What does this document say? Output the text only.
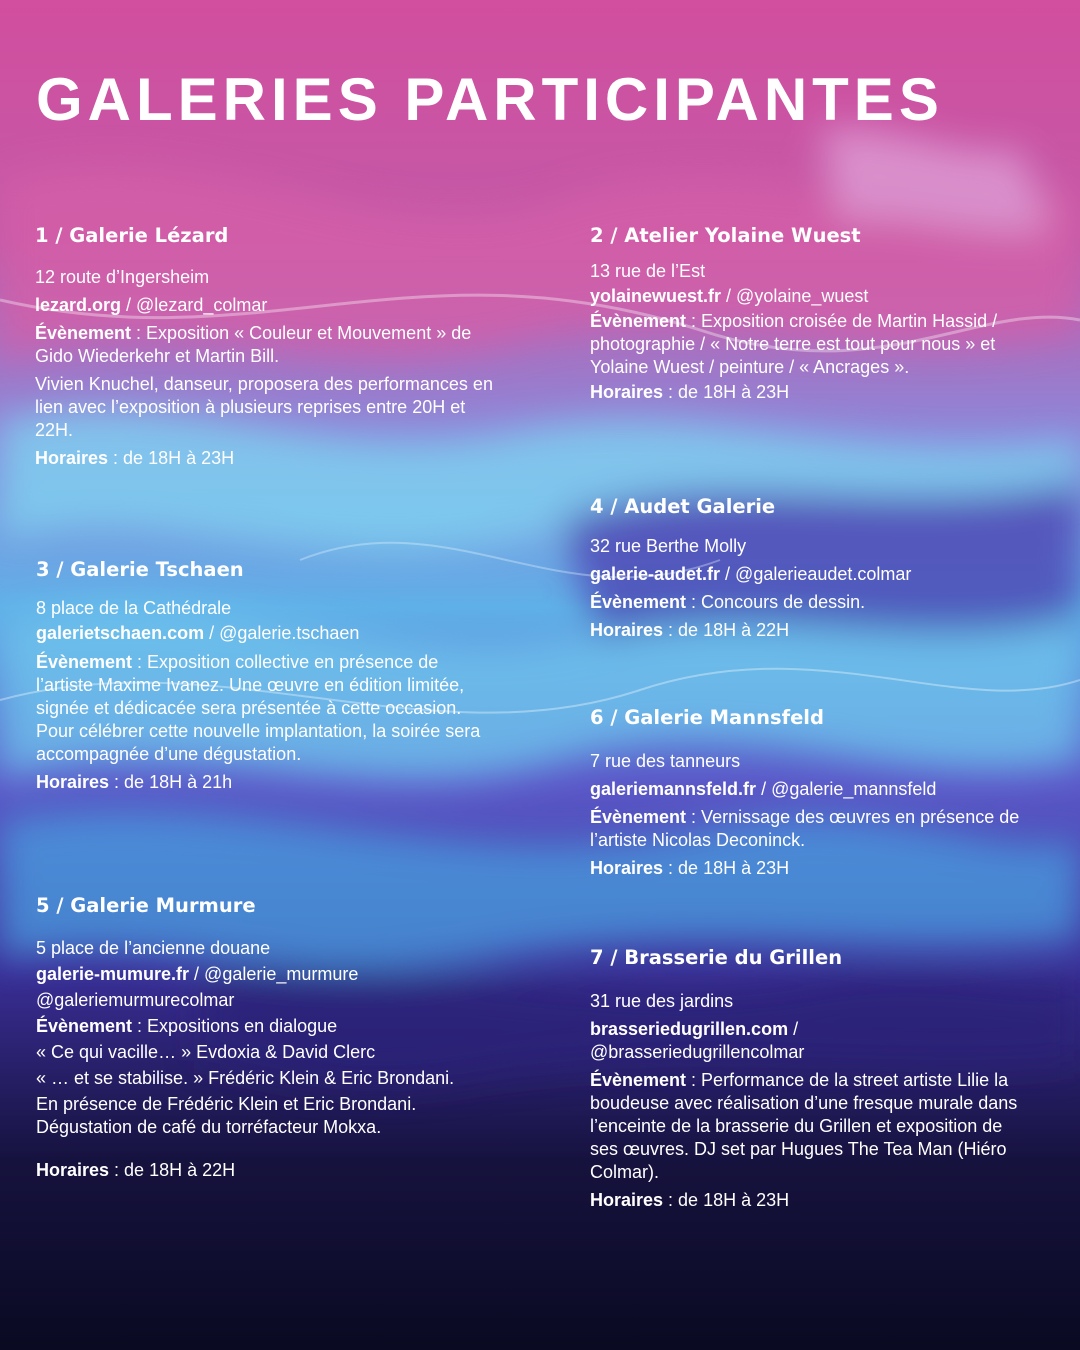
GALERIES PARTICIPANTES
1 / Galerie Lézard
12 route d’Ingersheim
lezard.org / @lezard_colmar
Évènement : Exposition « Couleur et Mouvement » de Gido Wiederkehr et Martin Bill.
Vivien Knuchel, danseur, proposera des performances en lien avec l’exposition à plusieurs reprises entre 20H et 22H.
Horaires : de 18H à 23H
2 / Atelier Yolaine Wuest
13 rue de l’Est
yolainewuest.fr / @yolaine_wuest
Évènement : Exposition croisée de Martin Hassid / photographie / « Notre terre est tout pour nous » et Yolaine Wuest / peinture / « Ancrages ».
Horaires : de 18H à 23H
3 / Galerie Tschaen
8 place de la Cathédrale
galerietschaen.com / @galerie.tschaen
Évènement : Exposition collective en présence de l’artiste Maxime Ivanez. Une œuvre en édition limitée, signée et dédicacée sera présentée à cette occasion. Pour célébrer cette nouvelle implantation, la soirée sera accompagnée d’une dégustation.
Horaires : de 18H à 21h
4 / Audet Galerie
32 rue Berthe Molly
galerie-audet.fr / @galerieaudet.colmar
Évènement : Concours de dessin.
Horaires : de 18H à 22H
5 / Galerie Murmure
5 place de l’ancienne douane
galerie-mumure.fr / @galerie_murmure
@galeriemurmurecolmar
Évènement : Expositions en dialogue
« Ce qui vacille… » Evdoxia & David Clerc
« … et se stabilise. » Frédéric Klein & Eric Brondani.
En présence de Frédéric Klein et Eric Brondani.
Dégustation de café du torréfacteur Mokxa.
Horaires : de 18H à 22H
6 / Galerie Mannsfeld
7 rue des tanneurs
galeriemannsfeld.fr / @galerie_mannsfeld
Évènement : Vernissage des œuvres en présence de l’artiste Nicolas Deconinck.
Horaires : de 18H à 23H
7 / Brasserie du Grillen
31 rue des jardins
brasseriedugrillen.com / @brasseriedugrillencolmar
Évènement : Performance de la street artiste Lilie la boudeuse avec réalisation d’une fresque murale dans l’enceinte de la brasserie du Grillen et exposition de ses œuvres. DJ set par Hugues The Tea Man (Hiéro Colmar).
Horaires : de 18H à 23H
